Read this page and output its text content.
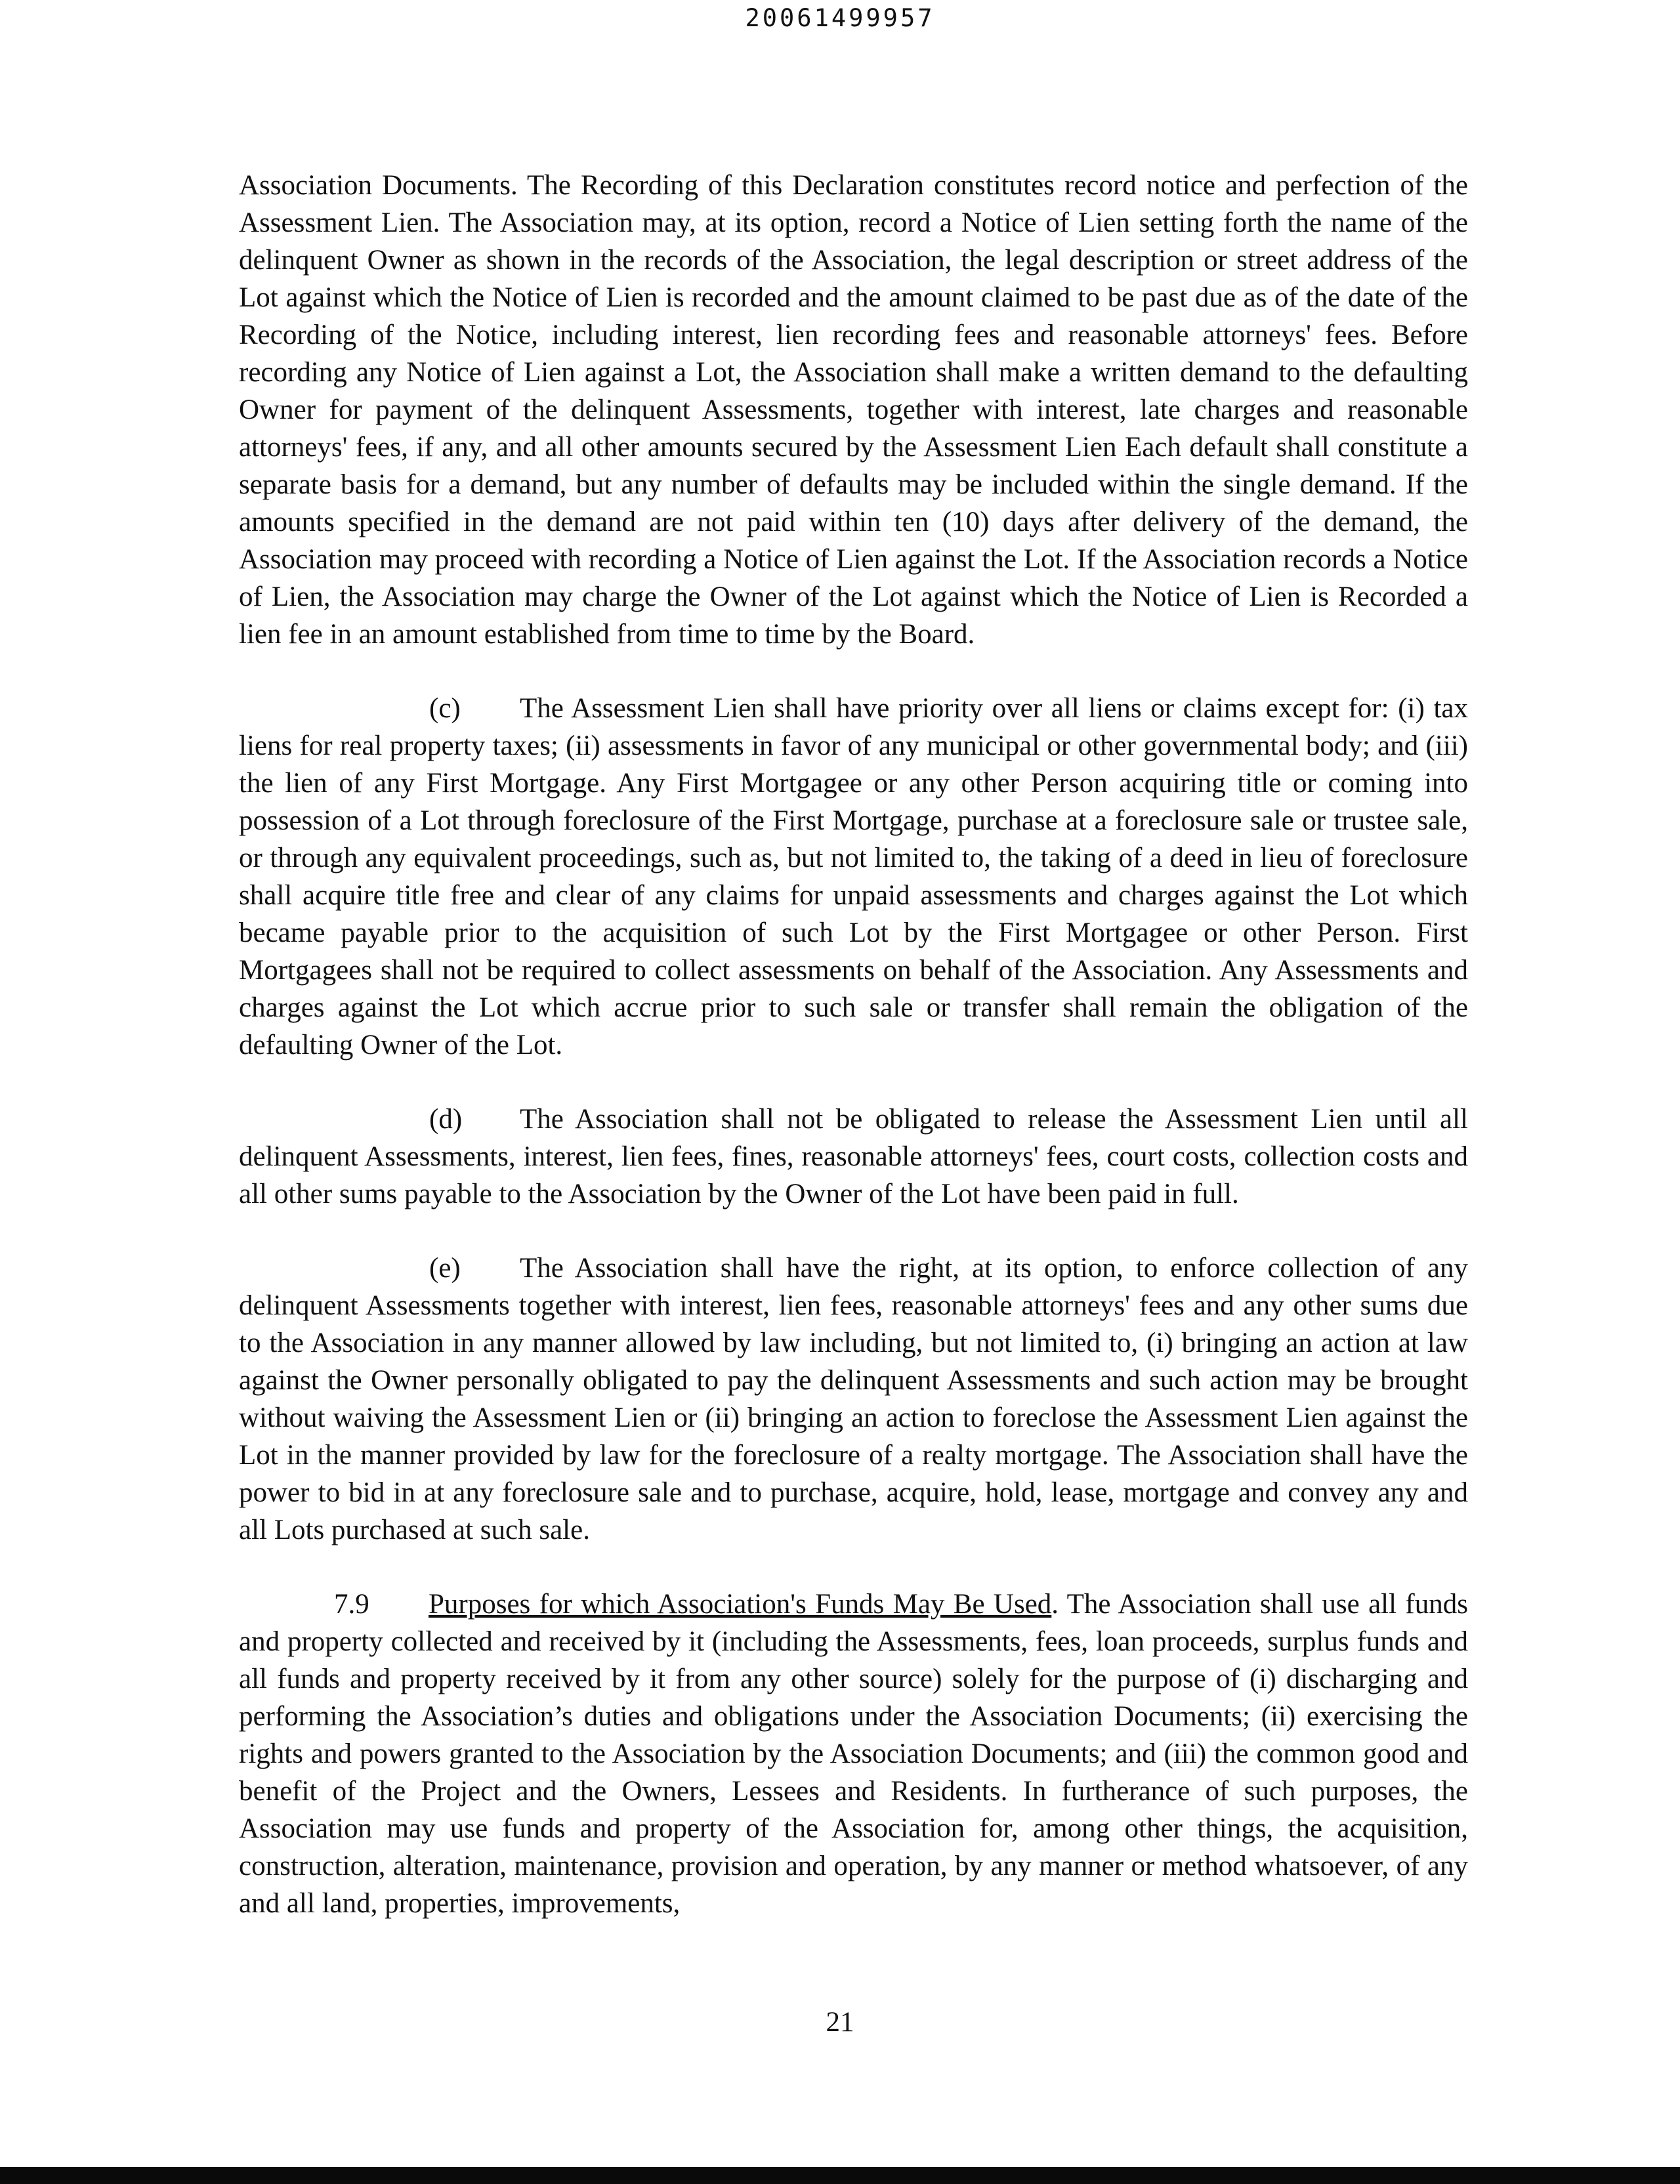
20061499957

Association Documents. The Recording of this Declaration constitutes record notice and perfection of the Assessment Lien. The Association may, at its option, record a Notice of Lien setting forth the name of the delinquent Owner as shown in the records of the Association, the legal description or street address of the Lot against which the Notice of Lien is recorded and the amount claimed to be past due as of the date of the Recording of the Notice, including interest, lien recording fees and reasonable attorneys' fees. Before recording any Notice of Lien against a Lot, the Association shall make a written demand to the defaulting Owner for payment of the delinquent Assessments, together with interest, late charges and reasonable attorneys' fees, if any, and all other amounts secured by the Assessment Lien Each default shall constitute a separate basis for a demand, but any number of defaults may be included within the single demand. If the amounts specified in the demand are not paid within ten (10) days after delivery of the demand, the Association may proceed with recording a Notice of Lien against the Lot. If the Association records a Notice of Lien, the Association may charge the Owner of the Lot against which the Notice of Lien is Recorded a lien fee in an amount established from time to time by the Board.

(c) The Assessment Lien shall have priority over all liens or claims except for: (i) tax liens for real property taxes; (ii) assessments in favor of any municipal or other governmental body; and (iii) the lien of any First Mortgage. Any First Mortgagee or any other Person acquiring title or coming into possession of a Lot through foreclosure of the First Mortgage, purchase at a foreclosure sale or trustee sale, or through any equivalent proceedings, such as, but not limited to, the taking of a deed in lieu of foreclosure shall acquire title free and clear of any claims for unpaid assessments and charges against the Lot which became payable prior to the acquisition of such Lot by the First Mortgagee or other Person. First Mortgagees shall not be required to collect assessments on behalf of the Association. Any Assessments and charges against the Lot which accrue prior to such sale or transfer shall remain the obligation of the defaulting Owner of the Lot.

(d) The Association shall not be obligated to release the Assessment Lien until all delinquent Assessments, interest, lien fees, fines, reasonable attorneys' fees, court costs, collection costs and all other sums payable to the Association by the Owner of the Lot have been paid in full.

(e) The Association shall have the right, at its option, to enforce collection of any delinquent Assessments together with interest, lien fees, reasonable attorneys' fees and any other sums due to the Association in any manner allowed by law including, but not limited to, (i) bringing an action at law against the Owner personally obligated to pay the delinquent Assessments and such action may be brought without waiving the Assessment Lien or (ii) bringing an action to foreclose the Assessment Lien against the Lot in the manner provided by law for the foreclosure of a realty mortgage. The Association shall have the power to bid in at any foreclosure sale and to purchase, acquire, hold, lease, mortgage and convey any and all Lots purchased at such sale.

7.9 Purposes for which Association's Funds May Be Used. The Association shall use all funds and property collected and received by it (including the Assessments, fees, loan proceeds, surplus funds and all funds and property received by it from any other source) solely for the purpose of (i) discharging and performing the Association’s duties and obligations under the Association Documents; (ii) exercising the rights and powers granted to the Association by the Association Documents; and (iii) the common good and benefit of the Project and the Owners, Lessees and Residents. In furtherance of such purposes, the Association may use funds and property of the Association for, among other things, the acquisition, construction, alteration, maintenance, provision and operation, by any manner or method whatsoever, of any and all land, properties, improvements,

21
